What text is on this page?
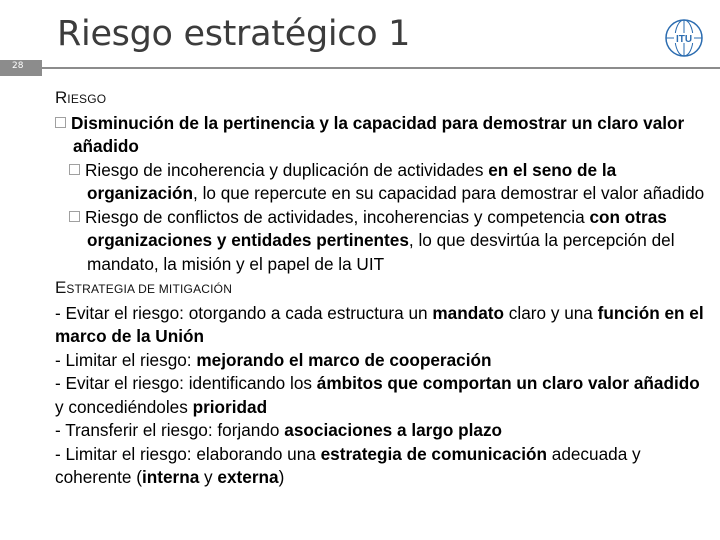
Riesgo estratégico 1	ITU
28

RIESGO

Disminución de la pertinencia y la capacidad para demostrar un claro valor añadido

Riesgo de incoherencia y duplicación de actividades en el seno de la organización, lo que repercute en su capacidad para demostrar el valor añadido

Riesgo de conflictos de actividades, incoherencias y competencia con otras organizaciones y entidades pertinentes, lo que desvirtúa la percepción del mandato, la misión y el papel de la UIT

ESTRATEGIA DE MITIGACIÓN

- Evitar el riesgo: otorgando a cada estructura un mandato claro y una función en el marco de la Unión

- Limitar el riesgo: mejorando el marco de cooperación

- Evitar el riesgo: identificando los ámbitos que comportan un claro valor añadido y concediéndoles prioridad

- Transferir el riesgo: forjando asociaciones a largo plazo

- Limitar el riesgo: elaborando una estrategia de comunicación adecuada y coherente (interna y externa)
